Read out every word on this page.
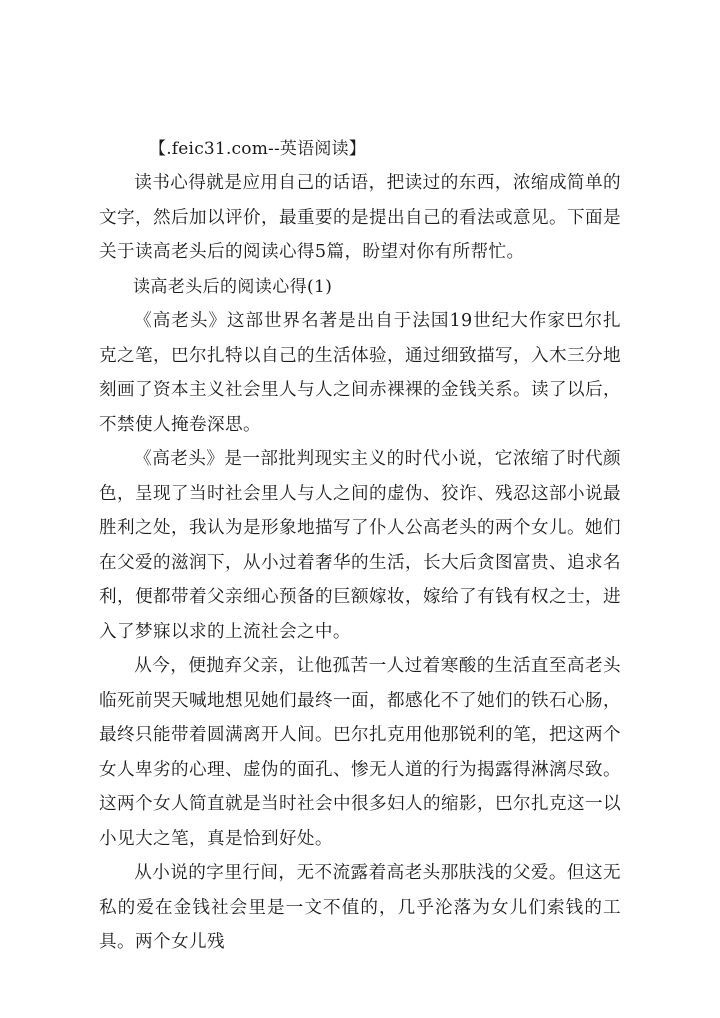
【.feic31.com--英语阅读】

读书心得就是应用自己的话语，把读过的东西，浓缩成简单的文字，然后加以评价，最重要的是提出自己的看法或意见。下面是关于读高老头后的阅读心得5篇，盼望对你有所帮忙。

读高老头后的阅读心得(1)

《高老头》这部世界名著是出自于法国19世纪大作家巴尔扎克之笔，巴尔扎特以自己的生活体验，通过细致描写，入木三分地刻画了资本主义社会里人与人之间赤裸裸的金钱关系。读了以后，不禁使人掩卷深思。

《高老头》是一部批判现实主义的时代小说，它浓缩了时代颜色，呈现了当时社会里人与人之间的虚伪、狡诈、残忍这部小说最胜利之处，我认为是形象地描写了仆人公高老头的两个女儿。她们在父爱的滋润下，从小过着奢华的生活，长大后贪图富贵、追求名利，便都带着父亲细心预备的巨额嫁妆，嫁给了有钱有权之士，进入了梦寐以求的上流社会之中。

从今，便抛弃父亲，让他孤苦一人过着寒酸的生活直至高老头临死前哭天喊地想见她们最终一面，都感化不了她们的铁石心肠，最终只能带着圆满离开人间。巴尔扎克用他那锐利的笔，把这两个女人卑劣的心理、虚伪的面孔、惨无人道的行为揭露得淋漓尽致。这两个女人简直就是当时社会中很多妇人的缩影，巴尔扎克这一以小见大之笔，真是恰到好处。

从小说的字里行间，无不流露着高老头那肤浅的父爱。但这无私的爱在金钱社会里是一文不值的，几乎沦落为女儿们索钱的工具。两个女儿残
